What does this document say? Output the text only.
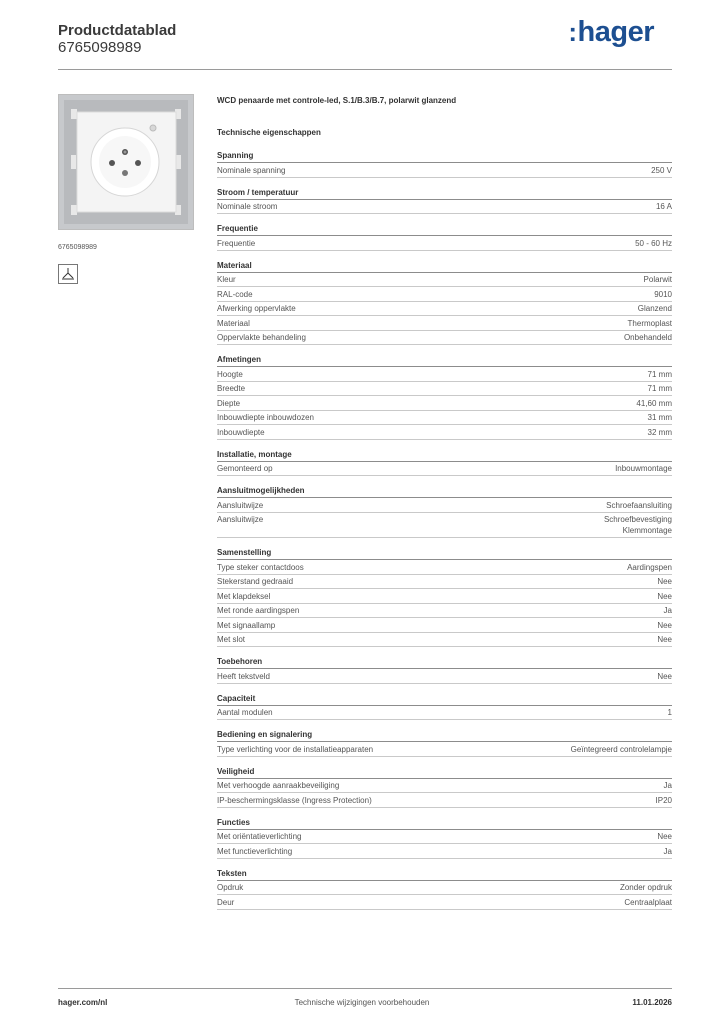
Productdatablad
6765098989
:hager
6765098989
WCD penaarde met controle-led, S.1/B.3/B.7, polarwit glanzend
Technische eigenschappen
Spanning
Nominale spanning	250 V
Stroom / temperatuur
Nominale stroom	16 A
Frequentie
Frequentie	50 - 60 Hz
Materiaal
Kleur	Polarwit
RAL-code	9010
Afwerking oppervlakte	Glanzend
Materiaal	Thermoplast
Oppervlakte behandeling	Onbehandeld
Afmetingen
Hoogte	71 mm
Breedte	71 mm
Diepte	41,60 mm
Inbouwdiepte inbouwdozen	31 mm
Inbouwdiepte	32 mm
Installatie, montage
Gemonteerd op	Inbouwmontage
Aansluitmogelijkheden
Aansluitwijze	Schroefaansluiting
Aansluitwijze	Schroefbevestiging
Klemmontage
Samenstelling
Type steker contactdoos	Aardingspen
Stekerstand gedraaid	Nee
Met klapdeksel	Nee
Met ronde aardingspen	Ja
Met signaallamp	Nee
Met slot	Nee
Toebehoren
Heeft tekstveld	Nee
Capaciteit
Aantal modulen	1
Bediening en signalering
Type verlichting voor de installatieapparaten	Geïntegreerd controlelampje
Veiligheid
Met verhoogde aanraakbeveiliging	Ja
IP-beschermingsklasse (Ingress Protection)	IP20
Functies
Met oriëntatieverlichting	Nee
Met functieverlichting	Ja
Teksten
Opdruk	Zonder opdruk
Deur	Centraalplaat
hager.com/nl	Technische wijzigingen voorbehouden	11.01.2026
